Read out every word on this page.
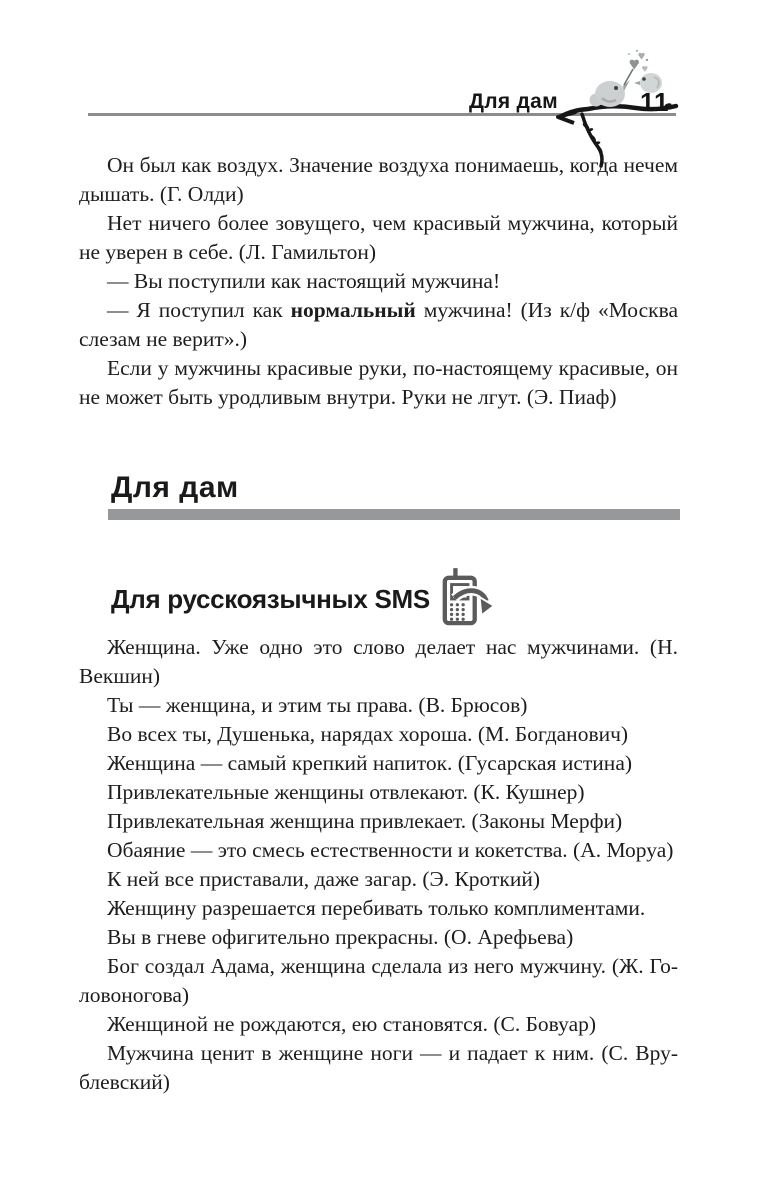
Для дам	11

Он был как воздух. Значение воздуха понимаешь, когда нечем дышать. (Г. Олди)

Нет ничего более зовущего, чем красивый мужчина, который не уверен в себе. (Л. Гамильтон)

— Вы поступили как настоящий мужчина!

— Я поступил как нормальный мужчина! (Из к/ф «Москва слезам не верит».)

Если у мужчины красивые руки, по-настоящему красивые, он не может быть уродливым внутри. Руки не лгут. (Э. Пиаф)

Для дам
Для русскоязычных SMS

Женщина. Уже одно это слово делает нас мужчинами. (Н. Векшин)

Ты — женщина, и этим ты права. (В. Брюсов)

Во всех ты, Душенька, нарядах хороша. (М. Богданович)

Женщина — самый крепкий напиток. (Гусарская истина)

Привлекательные женщины отвлекают. (К. Кушнер)

Привлекательная женщина привлекает. (Законы Мерфи)

Обаяние — это смесь естественности и кокетства. (А. Моруа)

К ней все приставали, даже загар. (Э. Кроткий)

Женщину разрешается перебивать только комплиментами.

Вы в гневе офигительно прекрасны. (О. Арефьева)

Бог создал Адама, женщина сделала из него мужчину. (Ж. Головоногова)

Женщиной не рождаются, ею становятся. (С. Бовуар)

Мужчина ценит в женщине ноги — и падает к ним. (С. Врублевский)
